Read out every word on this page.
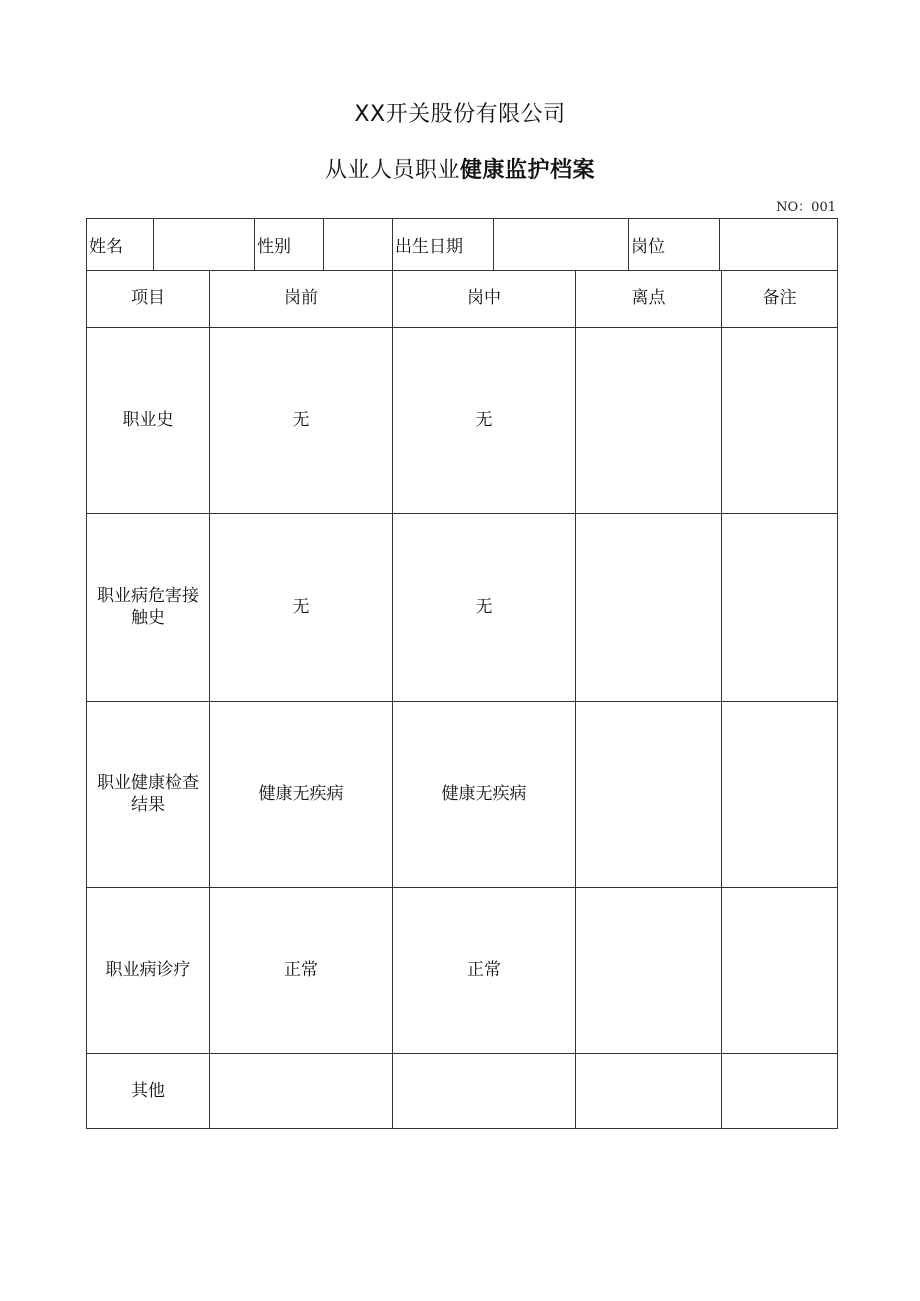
XX开关股份有限公司
从业人员职业健康监护档案
NO：001
姓名		性别		出生日期		岗位	
项目	岗前	岗中	离点	备注
职业史	无	无		
职业病危害接触史	无	无		
职业健康检查结果	健康无疾病	健康无疾病		
职业病诊疗	正常	正常		
其他				
